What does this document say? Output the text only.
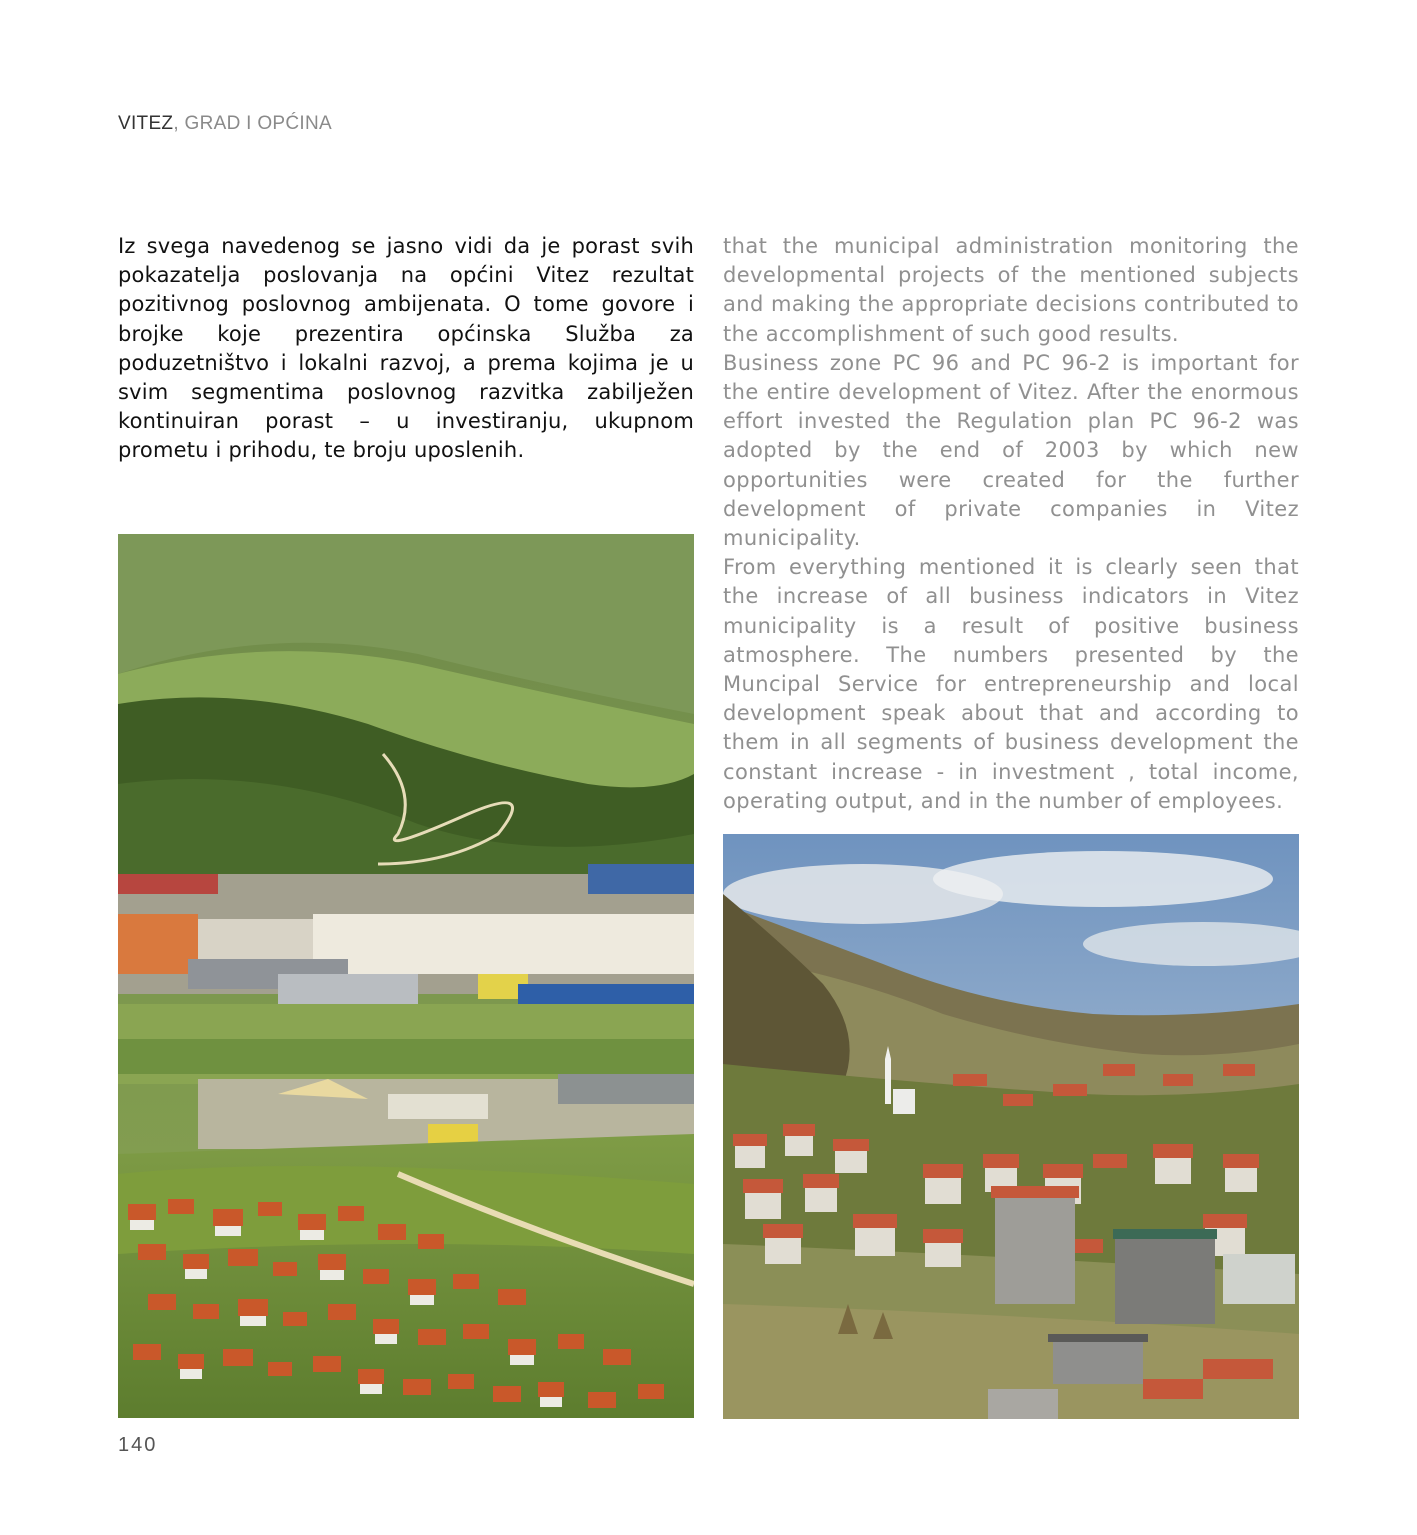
VITEZ, GRAD I OPĆINA

Iz svega navedenog se jasno vidi da je porast svih pokazatelja poslovanja na općini Vitez rezultat pozitivnog poslovnog ambijenata. O tome govore i brojke koje prezentira općinska Služba za poduzetništvo i lokalni razvoj, a prema kojima je u svim segmentima poslovnog razvitka zabilježen kontinuiran porast – u investiranju, ukupnom prometu i prihodu, te broju uposlenih.

that the municipal administration monitoring the developmental projects of the mentioned subjects and making the appropriate decisions contributed to the accomplishment of such good results.

Business zone PC 96 and PC 96-2 is important for the entire development of Vitez. After the enormous effort invested the Regulation plan PC 96-2 was adopted by the end of 2003 by which new opportunities were created for the further development of private companies in Vitez municipality.

From everything mentioned it is clearly seen that the increase of all business indicators in Vitez municipality is a result of positive business atmosphere. The numbers presented by the Muncipal Service for entrepreneurship and local development speak about that and according to them in all segments of business development the constant increase - in investment , total income, operating output, and in the number of employees.

140
